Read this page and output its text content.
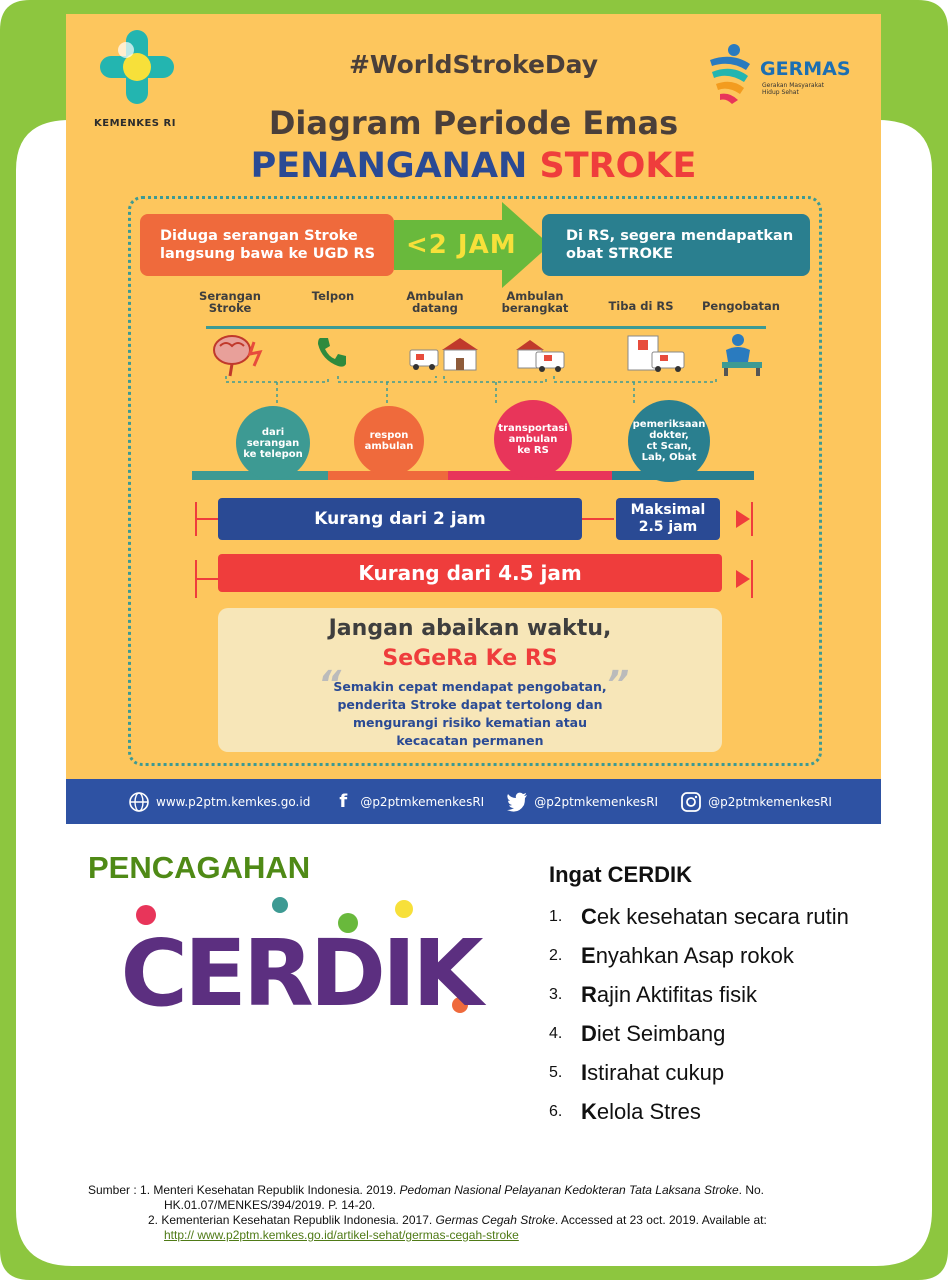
KEMENKES RI
#WorldStrokeDay	GERMAS
Gerakan Masyarakat
Hidup Sehat
Diagram Periode Emas
PENANGANAN STROKE
Diduga serangan Stroke
langsung bawa ke UGD RS <2 JAM	Di RS, segera mendapatkan
obat STROKE
Serangan
Stroke
Telpon	Ambulan
datang
Ambulan
berangkat	Tiba di RS	Pengobatan
dari
serangan
ke telepon
respon
ambulan
transportasi
ambulan
ke RS
pemeriksaan
dokter,
ct Scan,
Lab, Obat
Kurang dari 2 jam	Maksimal
2.5 jam
Kurang dari 4.5 jam
Jangan abaikan waktu,
SeGeRa Ke RS
“	”
Semakin cepat mendapat pengobatan,
penderita Stroke dapat tertolong dan
mengurangi risiko kematian atau
kecacatan permanen
www.p2ptm.kemkes.go.id	f	@p2ptmkemenkesRI	@p2ptmkemenkesRI	@p2ptmkemenkesRI
PENCAGAHAN
CERDIK
Ingat CERDIK
1. Cek kesehatan secara rutin
2. Enyahkan Asap rokok
3. Rajin Aktifitas fisik
4. Diet Seimbang
5. Istirahat cukup
6. Kelola Stres
Sumber : 1. Menteri Kesehatan Republik Indonesia. 2019. Pedoman Nasional Pelayanan Kedokteran Tata Laksana Stroke. No.
HK.01.07/MENKES/394/2019. P. 14-20.
2. Kementerian Kesehatan Republik Indonesia. 2017. Germas Cegah Stroke. Accessed at 23 oct. 2019. Available at:
http:// www.p2ptm.kemkes.go.id/artikel-sehat/germas-cegah-stroke
